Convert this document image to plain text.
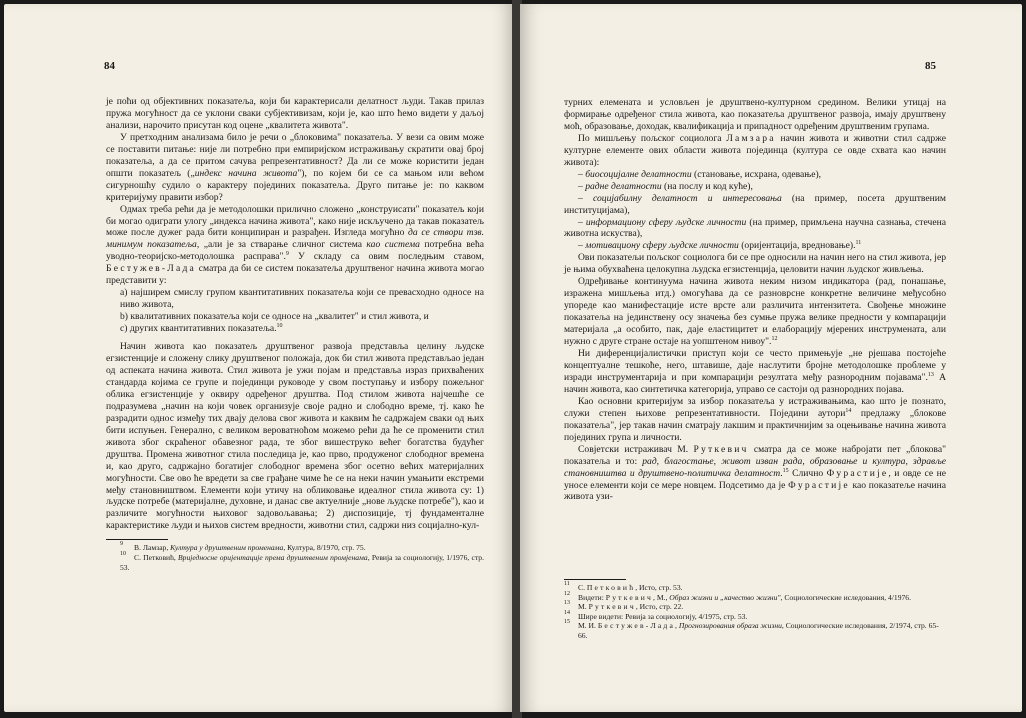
84

је поћи од објективних показатеља, који би карактерисали делатност људи. Такав прилаз пружа могућност да се уклони сваки субјективизам, који је, као што ћемо видети у даљој анализи, нарочито присутан код оцене „квалитета живота".

У претходним анализама било је речи о „блоковима" показатеља. У вези са овим може се поставити питање: није ли потребно при емпиријском истраживању скратити овај број показатеља, а да се притом сачува репрезентативност? Да ли се може користити један општи показатељ („индекс начина живота"), по којем би се са мањом или већом сигурношћу судило о карактеру појединих показатеља. Друго питање је: по каквом критеријуму правити избор?

Одмах треба рећи да је методолошки прилично сложено „конструисати" показатељ који би могао одиграти улогу „индекса начина живота", како није искључено да такав показатељ може после дужег рада бити конципиран и разрађен. Изгледа могућно да се створи тзв. минимум показатеља, „али је за стварање сличног система као система потребна већа уводно-теоријско-методолошка расправа".$^9$ У складу са овим последњим ставом, Бестужев-Лада сматра да би се систем показатеља друштвеног начина живота могао представити у:

a) најширем смислу групом квантитативних показатеља који се превасходно односе на ниво живота,

b) квалитативних показатеља који се односе на „квалитет" и стил живота, и

c) других квантитативних показатеља.$^{10}$

Начин живота као показатељ друштвеног развоја представља целину људске егзистенције и сложену слику друштвеног положаја, док би стил живота представљао један од аспеката начина живота. Стил живота је ужи појам и представља израз прихваћених стандарда којима се групе и појединци руководе у свом поступању и избору пожељног облика егзистенције у оквиру одређеног друштва. Под стилом живота најчешће се подразумева „начин на који човек организује своје радно и слободно време, тј. како ће разрадити однос између тих двају делова свог живота и каквим ће садржајем сваки од њих бити испуњен. Генерално, с великом вероватноћом можемо рећи да ће се променити стил живота због скраћеног обавезног рада, те због вишеструко већег богатства будућег друштва. Промена животног стила последица је, као прво, продуженог слободног времена и, као друго, садржајно богатијег слободног времена због осетно већих материјалних могућности. Све ово ће вредети за све грађане чиме ће се на неки начин умањити екстреми међу становништвом. Елементи који утичу на обликовање идеалног стила живота су: 1) људске потребе (материјалне, духовне, и данас све актуелније „нове људске потребе"), као и различите могућности њиховог задовољавања; 2) диспозиције, тј фундаменталне карактеристике људи и њихов систем вредности, животни стил, садржи низ социјално-кул-

9 В. Ламзар, Култура у друштвеним променама, Култура, 8/1970, стр. 75.

10 С. Петковић, Вриједносне оријентације према друштвеним промјенама, Ревија за социологију, 1/1976, стр. 53.

85

турних елемената и условљен је друштвено-културном средином. Велики утицај на формирање одређеног стила живота, као показатеља друштвеног развоја, имају друштвену моћ, образовање, доходак, квалификација и припадност одређеним друштвеним групама.

По мишљењу пољског социолога Ламзара начин живота и животни стил садрже културне елементе ових области живота појединца (култура се овде схвата као начин живота):

– биосоцијалне делатности (становање, исхрана, одевање),

– радне делатности (на послу и код куће),

– социјабилну делатност и интересовања (на пример, посета друштвеним институцијама),

– информациону сферу људске личности (на пример, примљена научна сазнања, стечена животна искуства),

– мотивациону сферу људске личности (оријентација, вредновање).$^{11}$

Ови показатељи пољског социолога би се пре односили на начин него на стил живота, јер је њима обухваћена целокупна људска егзистенција, целовити начин људског живљења.

Одређивање континуума начина живота неким низом индикатора (рад, понашање, изражена мишљења итд.) омогућава да се разноврсне конкретне величине међусобно упореде као манифестације исте врсте али различита интензитета. Свођење множине показатеља на јединствену осу значења без сумње пружа велике предности у компарацији материјала „а особито, пак, даје еластицитет и елаборацију мјерених инструмената, али нужно с друге стране остаје на уопштеном нивоу".$^{12}$

Ни диференцијалистички приступ који се често примењује „не рјешава постојеће концептуалне тешкоће, него, штавише, даје наслутити бројне методолошке проблеме у изради инструментарија и при компарацији резултата међу разнородним појавама".$^{13}$ А начин живота, као синтетичка категорија, управо се састоји од разнородних појава.

Као основни критеријум за избор показатеља у истраживањима, као што је познато, служи степен њихове репрезентативности. Поједини аутори$^{14}$ предлажу „блокове показатеља", јер такав начин сматрају лакшим и практичнијим за оцењивање начина живота појединих група и личности.

Совјетски истраживач М. Руткевич сматра да се може набројати пет „блокова" показатеља и то: рад, благостање, живот изван рада, образовање и култура, здравље становништва и друштвено-политичка делатност.$^{15}$ Слично Фурастије, и овде се не уносе елементи који се мере новцем. Подсетимо да је Фурастије као показатеље начина живота узи-

11 С. Петковић, Исто, стр. 53.

12 Видети: Руткевич, М., Образ жизни и „качество жизни", Социологические иследования, 4/1976.

13 М. Руткевич, Исто, стр. 22.

14 Шире видети: Ревија за социологију, 4/1975, стр. 53.

15 М. И. Бестужев-Лада, Прогнозирования образа жизни, Социологические иследования, 2/1974, стр. 65-66.
